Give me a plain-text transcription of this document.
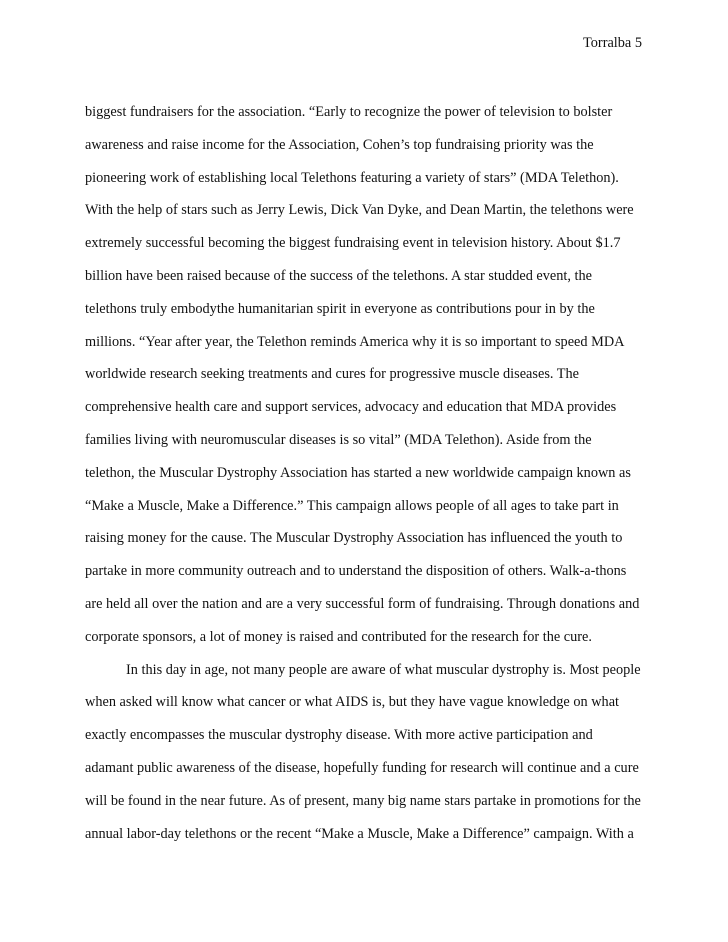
Torralba 5
biggest fundraisers for the association. “Early to recognize the power of television to bolster
awareness and raise income for the Association, Cohen’s top fundraising priority was the
pioneering work of establishing local Telethons featuring a variety of stars” (MDA Telethon).
With the help of stars such as Jerry Lewis, Dick Van Dyke, and Dean Martin, the telethons were
extremely successful becoming the biggest fundraising event in television history. About $1.7
billion have been raised because of the success of the telethons. A star studded event, the
telethons truly embodythe humanitarian spirit in everyone as contributions pour in by the
millions. “Year after year, the Telethon reminds America why it is so important to speed MDA
worldwide research seeking treatments and cures for progressive muscle diseases. The
comprehensive health care and support services, advocacy and education that MDA provides
families living with neuromuscular diseases is so vital” (MDA Telethon). Aside from the
telethon, the Muscular Dystrophy Association has started a new worldwide campaign known as
“Make a Muscle, Make a Difference.” This campaign allows people of all ages to take part in
raising money for the cause. The Muscular Dystrophy Association has influenced the youth to
partake in more community outreach and to understand the disposition of others. Walk-a-thons
are held all over the nation and are a very successful form of fundraising. Through donations and
corporate sponsors, a lot of money is raised and contributed for the research for the cure.
In this day in age, not many people are aware of what muscular dystrophy is. Most people
when asked will know what cancer or what AIDS is, but they have vague knowledge on what
exactly encompasses the muscular dystrophy disease. With more active participation and
adamant public awareness of the disease, hopefully funding for research will continue and a cure
will be found in the near future. As of present, many big name stars partake in promotions for the
annual labor-day telethons or the recent “Make a Muscle, Make a Difference” campaign. With a
